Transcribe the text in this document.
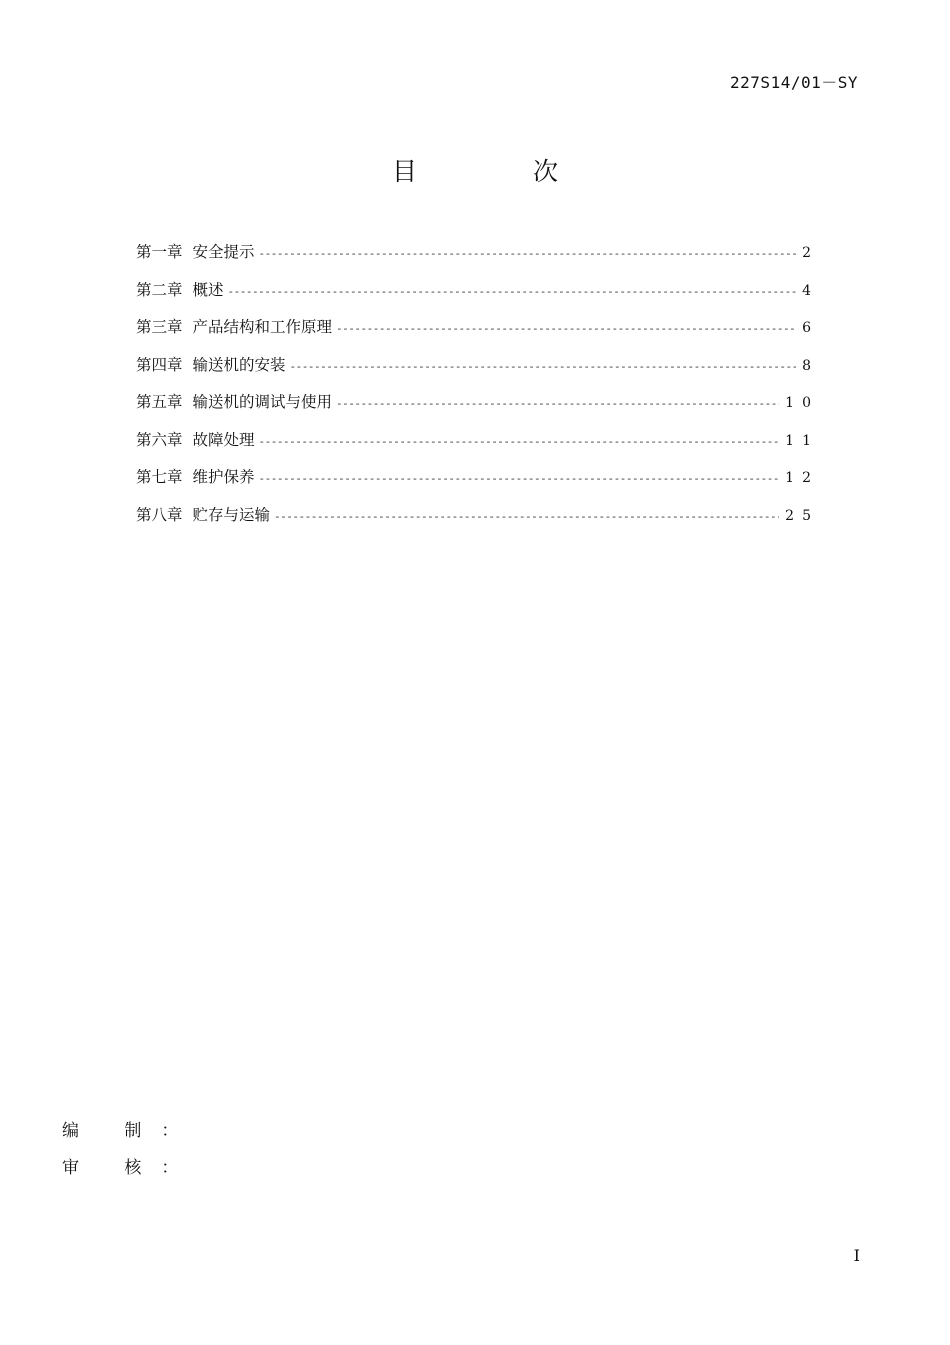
227S14/01－SY
目	次
第一章 安全提示 -----	2
第二章 概述 -----	4
第三章 产品结构和工作原理 -----	6
第四章 输送机的安装 -----	8
第五章 输送机的调试与使用 -----	10
第六章 故障处理 -----	11
第七章 维护保养 -----	12
第八章 贮存与运输 -----	25
编 制：
审 核：
I
